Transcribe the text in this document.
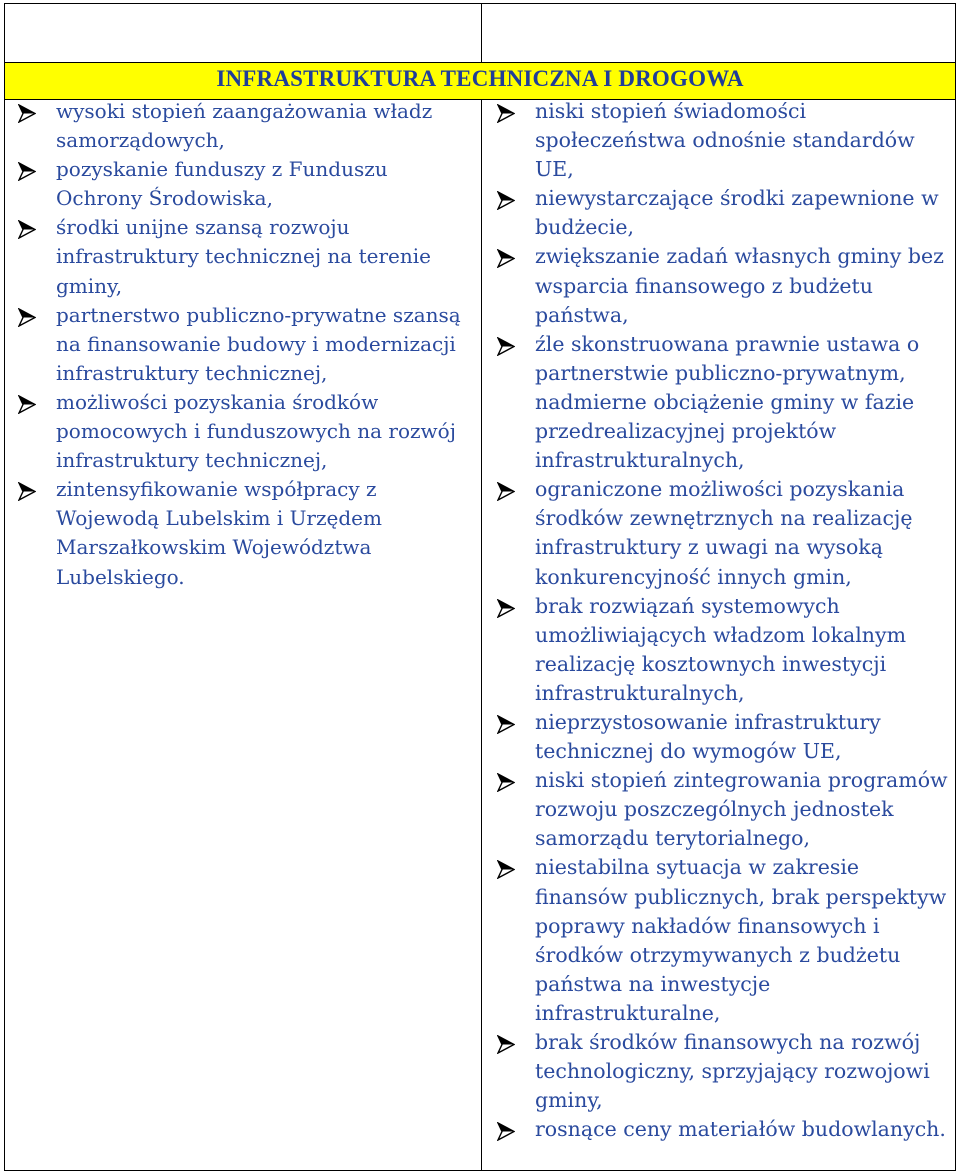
INFRASTRUKTURA TECHNICZNA I DROGOWA
wysoki stopień zaangażowania władz samorządowych,
pozyskanie funduszy z Funduszu Ochrony Środowiska,
środki unijne szansą rozwoju infrastruktury technicznej na terenie gminy,
partnerstwo publiczno-prywatne szansą na finansowanie budowy i modernizacji infrastruktury technicznej,
możliwości pozyskania środków pomocowych i funduszowych na rozwój infrastruktury technicznej,
zintensyfikowanie współpracy z Wojewodą Lubelskim i Urzędem Marszałkowskim Województwa Lubelskiego.
niski stopień świadomości społeczeństwa odnośnie standardów UE,
niewystarczające środki zapewnione w budżecie,
zwiększanie zadań własnych gminy bez wsparcia finansowego z budżetu państwa,
źle skonstruowana prawnie ustawa o partnerstwie publiczno-prywatnym, nadmierne obciążenie gminy w fazie przedrealizacyjnej projektów infrastrukturalnych,
ograniczone możliwości pozyskania środków zewnętrznych na realizację infrastruktury z uwagi na wysoką konkurencyjność innych gmin,
brak rozwiązań systemowych umożliwiających władzom lokalnym realizację kosztownych inwestycji infrastrukturalnych,
nieprzystosowanie infrastruktury technicznej do wymogów UE,
niski stopień zintegrowania programów rozwoju poszczególnych jednostek samorządu terytorialnego,
niestabilna sytuacja w zakresie finansów publicznych, brak perspektyw poprawy nakładów finansowych i środków otrzymywanych z budżetu państwa na inwestycje infrastrukturalne,
brak środków finansowych na rozwój technologiczny, sprzyjający rozwojowi gminy,
rosnące ceny materiałów budowlanych.
